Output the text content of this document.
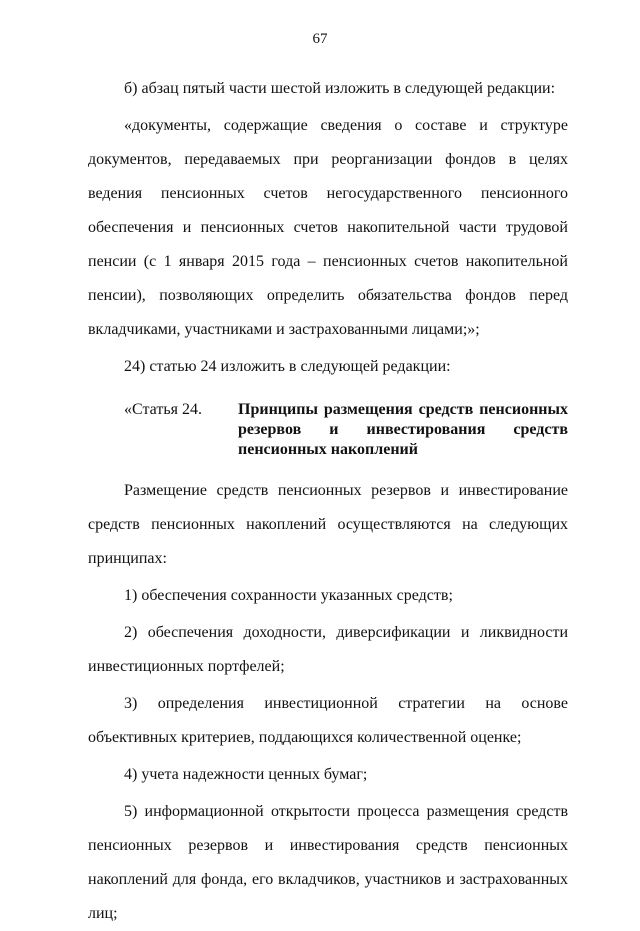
67

б) абзац пятый части шестой изложить в следующей редакции:

«документы, содержащие сведения о составе и структуре документов, передаваемых при реорганизации фондов в целях ведения пенсионных счетов негосударственного пенсионного обеспечения и пенсионных счетов накопительной части трудовой пенсии (с 1 января 2015 года – пенсионных счетов накопительной пенсии), позволяющих определить обязательства фондов перед вкладчиками, участниками и застрахованными лицами;»;

24) статью 24 изложить в следующей редакции:

«Статья 24.	Принципы размещения средств пенсионных резервов и инвестирования средств пенсионных накоплений

Размещение средств пенсионных резервов и инвестирование средств пенсионных накоплений осуществляются на следующих принципах:

1) обеспечения сохранности указанных средств;

2) обеспечения доходности, диверсификации и ликвидности инвестиционных портфелей;

3) определения инвестиционной стратегии на основе объективных критериев, поддающихся количественной оценке;

4) учета надежности ценных бумаг;

5) информационной открытости процесса размещения средств пенсионных резервов и инвестирования средств пенсионных накоплений для фонда, его вкладчиков, участников и застрахованных лиц;
